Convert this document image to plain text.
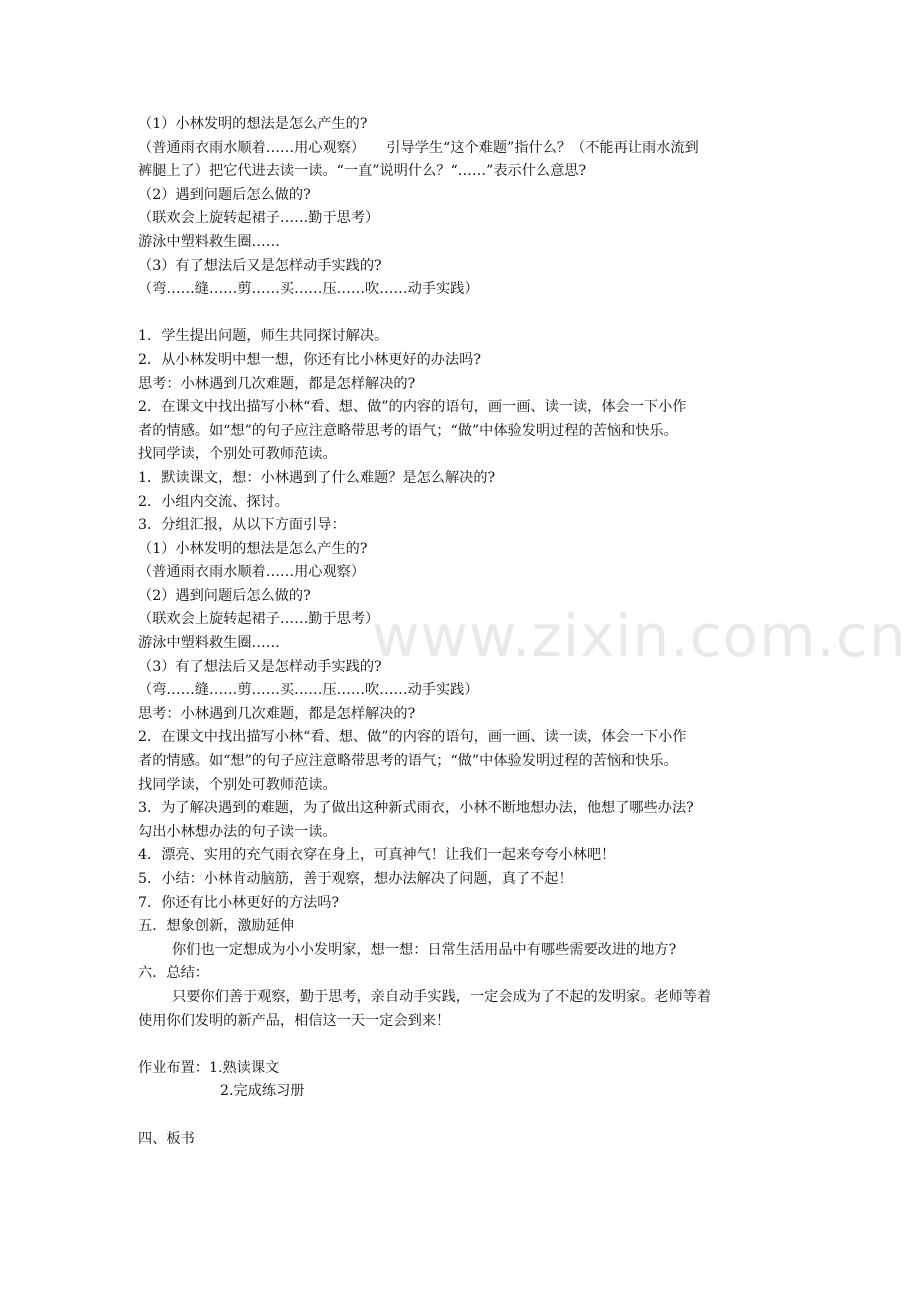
www.zixin.com.cn
（1）小林发明的想法是怎么产生的?
（普通雨衣雨水顺着……用心观察）　　引导学生“这个难题”指什么？（不能再让雨水流到
裤腿上了）把它代进去读一读。“一直”说明什么？“……”表示什么意思?
（2）遇到问题后怎么做的?
（联欢会上旋转起裙子……勤于思考）
游泳中塑料救生圈……
（3）有了想法后又是怎样动手实践的?
（弯……缝……剪……买……压……吹……动手实践）
1．学生提出问题，师生共同探讨解决。
2．从小林发明中想一想，你还有比小林更好的办法吗?
思考：小林遇到几次难题，都是怎样解决的?
2．在课文中找出描写小林“看、想、做”的内容的语句，画一画、读一读，体会一下小作
者的情感。如“想”的句子应注意略带思考的语气；“做”中体验发明过程的苦恼和快乐。
找同学读，个别处可教师范读。
1．默读课文，想：小林遇到了什么难题？是怎么解决的?
2．小组内交流、探讨。
3．分组汇报，从以下方面引导：
（1）小林发明的想法是怎么产生的?
（普通雨衣雨水顺着……用心观察）
（2）遇到问题后怎么做的?
（联欢会上旋转起裙子……勤于思考）
游泳中塑料救生圈……
（3）有了想法后又是怎样动手实践的?
（弯……缝……剪……买……压……吹……动手实践）
思考：小林遇到几次难题，都是怎样解决的?
2．在课文中找出描写小林“看、想、做”的内容的语句，画一画、读一读，体会一下小作
者的情感。如“想”的句子应注意略带思考的语气；“做”中体验发明过程的苦恼和快乐。
找同学读，个别处可教师范读。
3．为了解决遇到的难题，为了做出这种新式雨衣，小林不断地想办法，他想了哪些办法?
勾出小林想办法的句子读一读。
4．漂亮、实用的充气雨衣穿在身上，可真神气！让我们一起来夸夸小林吧！
5．小结：小林肯动脑筋，善于观察，想办法解决了问题，真了不起！
7．你还有比小林更好的方法吗?
五．想象创新，激励延伸
你们也一定想成为小小发明家，想一想：日常生活用品中有哪些需要改进的地方?
六．总结：
只要你们善于观察，勤于思考，亲自动手实践，一定会成为了不起的发明家。老师等着
使用你们发明的新产品，相信这一天一定会到来！
作业布置：1.熟读课文
2.完成练习册
四、板书
